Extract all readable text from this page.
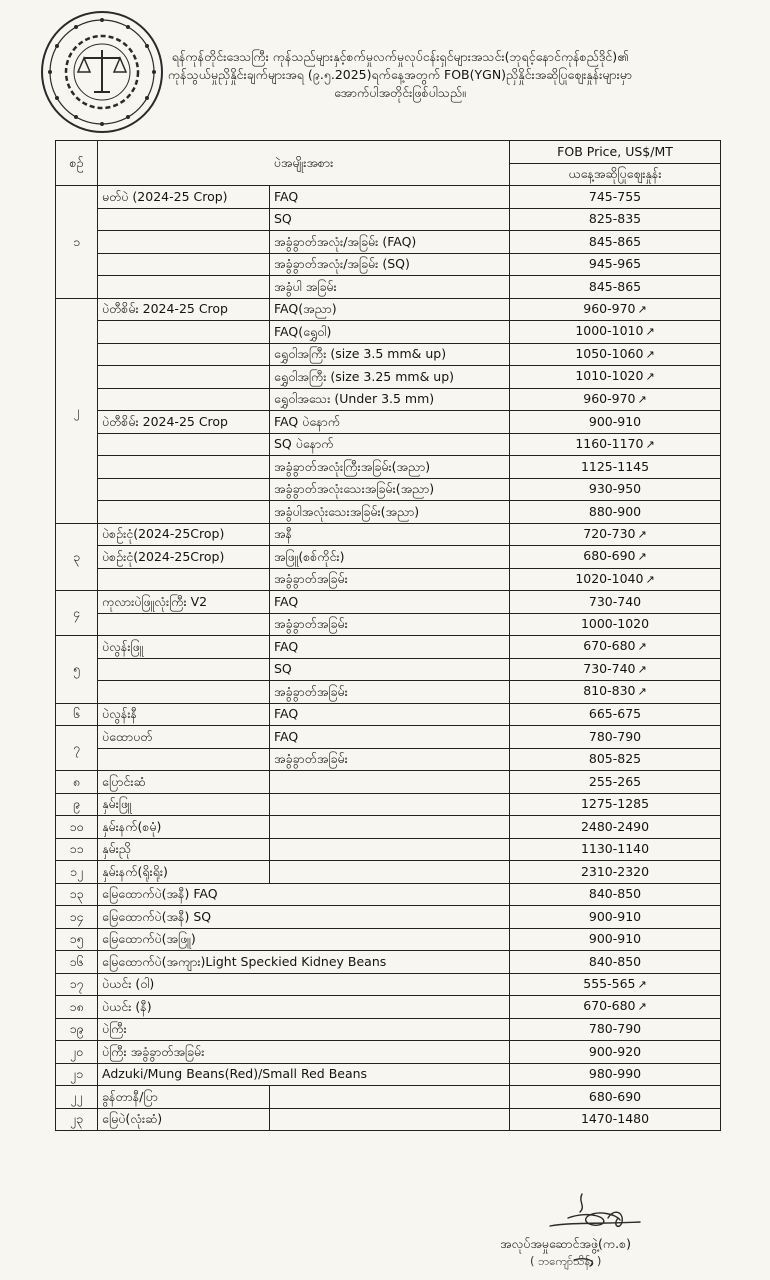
ရန်ကုန်တိုင်းဒေသကြီး ကုန်သည်များနှင့်စက်မှုလက်မှုလုပ်ငန်းရှင်များအသင်း(ဘုရင့်နောင်ကုန်စည်ဒိုင်)၏
ကုန်သွယ်မှုညှိနှိုင်းချက်များအရ (၉.၅.2025)ရက်နေ့အတွက် FOB(YGN)ညှိနှိုင်းအဆိုပြုဈေးနှုန်းများမှာ
အောက်ပါအတိုင်းဖြစ်ပါသည်။
စဉ်	ပဲအမျိုးအစား		FOB Price, US$/MT
			ယနေ့အဆိုပြုဈေးနှုန်း
၁	မတ်ပဲ (2024-25 Crop)	FAQ	745-755
		SQ	825-835
		အခွံခွာတ်အလုံး/အခြမ်း (FAQ)	845-865
		အခွံခွာတ်အလုံး/အခြမ်း (SQ)	945-965
		အခွံပါ အခြမ်း	845-865
၂	ပဲတီစိမ်း 2024-25 Crop	FAQ(အညာ)	960-970 ↗
		FAQ(ရွှေဝါ)	1000-1010 ↗
		ရွှေဝါအကြီး (size 3.5 mm& up)	1050-1060 ↗
		ရွှေဝါအကြီး (size 3.25 mm& up)	1010-1020 ↗
		ရွှေဝါအသေး (Under 3.5 mm)	960-970 ↗
	ပဲတီစိမ်း 2024-25 Crop	FAQ ပဲနောက်	900-910
		SQ ပဲနောက်	1160-1170 ↗
		အခွံခွာတ်အလုံးကြီးအခြမ်း(အညာ)	1125-1145
		အခွံခွာတ်အလုံးသေးအခြမ်း(အညာ)	930-950
		အခွံပါအလုံးသေးအခြမ်း(အညာ)	880-900
၃	ပဲစဉ်းငုံ(2024-25Crop)	အနီ	720-730 ↗
	ပဲစဉ်းငုံ(2024-25Crop)	အဖြူ(စစ်ကိုင်း)	680-690 ↗
		အခွံခွာတ်အခြမ်း	1020-1040 ↗
၄	ကုလားပဲဖြူလုံးကြီး V2	FAQ	730-740
		အခွံခွာတ်အခြမ်း	1000-1020
၅	ပဲလွန်းဖြူ	FAQ	670-680 ↗
		SQ	730-740 ↗
		အခွံခွာတ်အခြမ်း	810-830 ↗
၆	ပဲလွန်းနီ	FAQ	665-675
၇	ပဲထောပတ်	FAQ	780-790
		အခွံခွာတ်အခြမ်း	805-825
၈	ပြောင်းဆံ		255-265
၉	နှမ်းဖြူ		1275-1285
၁၀	နှမ်းနက်(စမုံ)		2480-2490
၁၁	နှမ်းညို		1130-1140
၁၂	နှမ်းနက်(ရိုးရိုး)		2310-2320
၁၃	မြေထောက်ပဲ(အနီ) FAQ		840-850
၁၄	မြေထောက်ပဲ(အနီ) SQ		900-910
၁၅	မြေထောက်ပဲ(အဖြူ)		900-910
၁၆	မြေထောက်ပဲ(အကျား)Light Speckied Kidney Beans		840-850
၁၇	ပဲယင်း (ဝါ)		555-565 ↗
၁၈	ပဲယင်း (နီ)		670-680 ↗
၁၉	ပဲကြီး		780-790
၂၀	ပဲကြီး အခွံခွာတ်အခြမ်း		900-920
၂၁	Adzuki/Mung Beans(Red)/Small Red Beans		980-990
၂၂	ခွန်တာနီ/ပြာ		680-690
၂၃	မြေပဲ(လုံးဆံ)		1470-1480
အလုပ်အမှုဆောင်အဖွဲ့(က.စ)
( ဘကျော်သိန်း )
